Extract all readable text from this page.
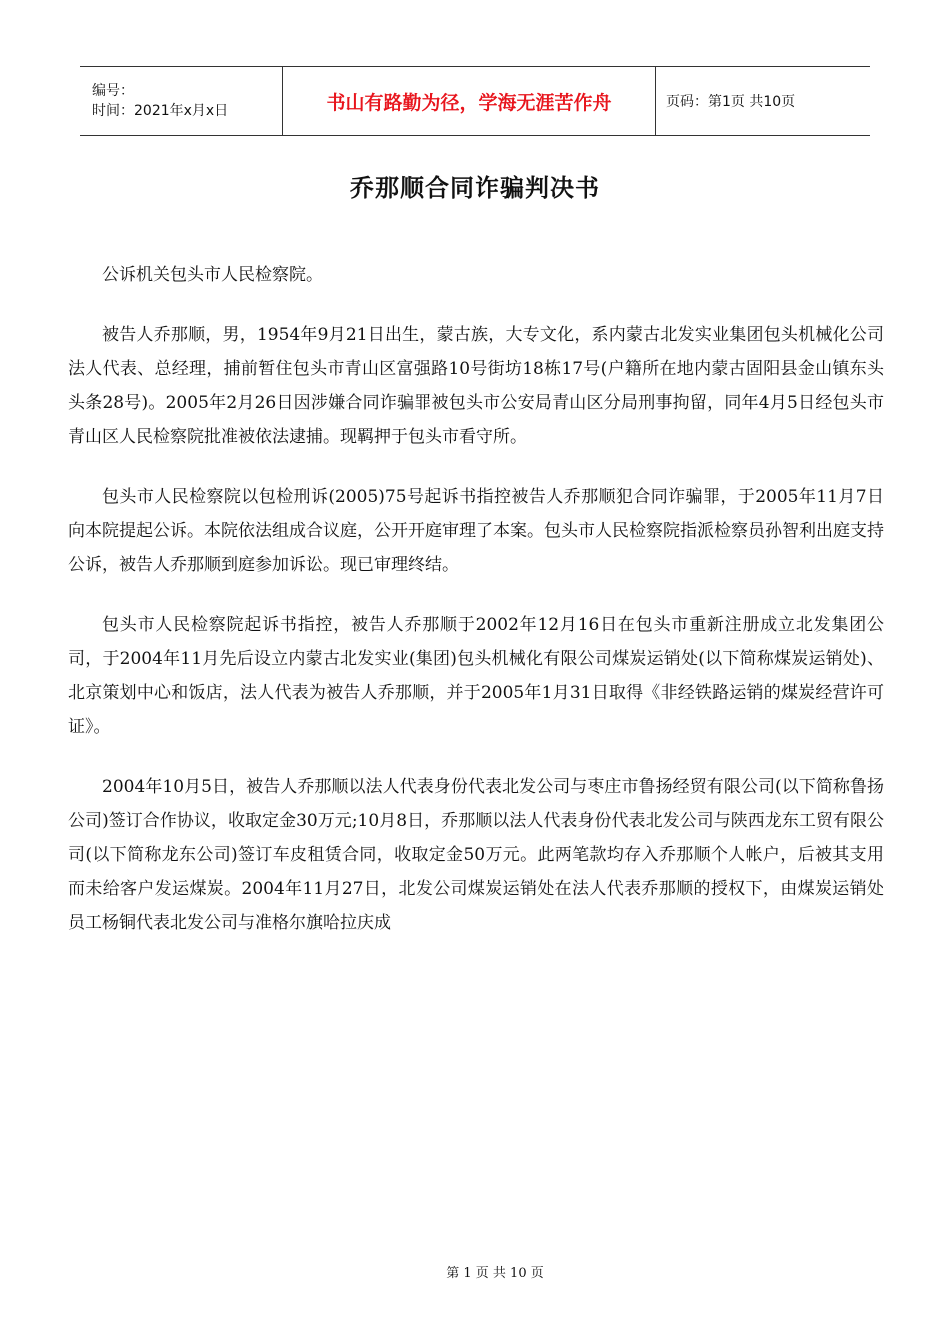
编号：
时间：2021年x月x日	书山有路勤为径，学海无涯苦作舟	页码：第1页 共10页
乔那顺合同诈骗判决书

公诉机关包头市人民检察院。

被告人乔那顺，男，1954年9月21日出生，蒙古族，大专文化，系内蒙古北发实业集团包头机械化公司法人代表、总经理，捕前暂住包头市青山区富强路10号街坊18栋17号(户籍所在地内蒙古固阳县金山镇东头头条28号)。2005年2月26日因涉嫌合同诈骗罪被包头市公安局青山区分局刑事拘留，同年4月5日经包头市青山区人民检察院批准被依法逮捕。现羁押于包头市看守所。

包头市人民检察院以包检刑诉(2005)75号起诉书指控被告人乔那顺犯合同诈骗罪，于2005年11月7日向本院提起公诉。本院依法组成合议庭，公开开庭审理了本案。包头市人民检察院指派检察员孙智利出庭支持公诉，被告人乔那顺到庭参加诉讼。现已审理终结。

包头市人民检察院起诉书指控，被告人乔那顺于2002年12月16日在包头市重新注册成立北发集团公司，于2004年11月先后设立内蒙古北发实业(集团)包头机械化有限公司煤炭运销处(以下简称煤炭运销处)、北京策划中心和饭店，法人代表为被告人乔那顺，并于2005年1月31日取得《非经铁路运销的煤炭经营许可证》。

2004年10月5日，被告人乔那顺以法人代表身份代表北发公司与枣庄市鲁扬经贸有限公司(以下简称鲁扬公司)签订合作协议，收取定金30万元;10月8日，乔那顺以法人代表身份代表北发公司与陕西龙东工贸有限公司(以下简称龙东公司)签订车皮租赁合同，收取定金50万元。此两笔款均存入乔那顺个人帐户，后被其支用而未给客户发运煤炭。2004年11月27日，北发公司煤炭运销处在法人代表乔那顺的授权下，由煤炭运销处员工杨铜代表北发公司与准格尔旗哈拉庆成

第 1 页 共 10 页
